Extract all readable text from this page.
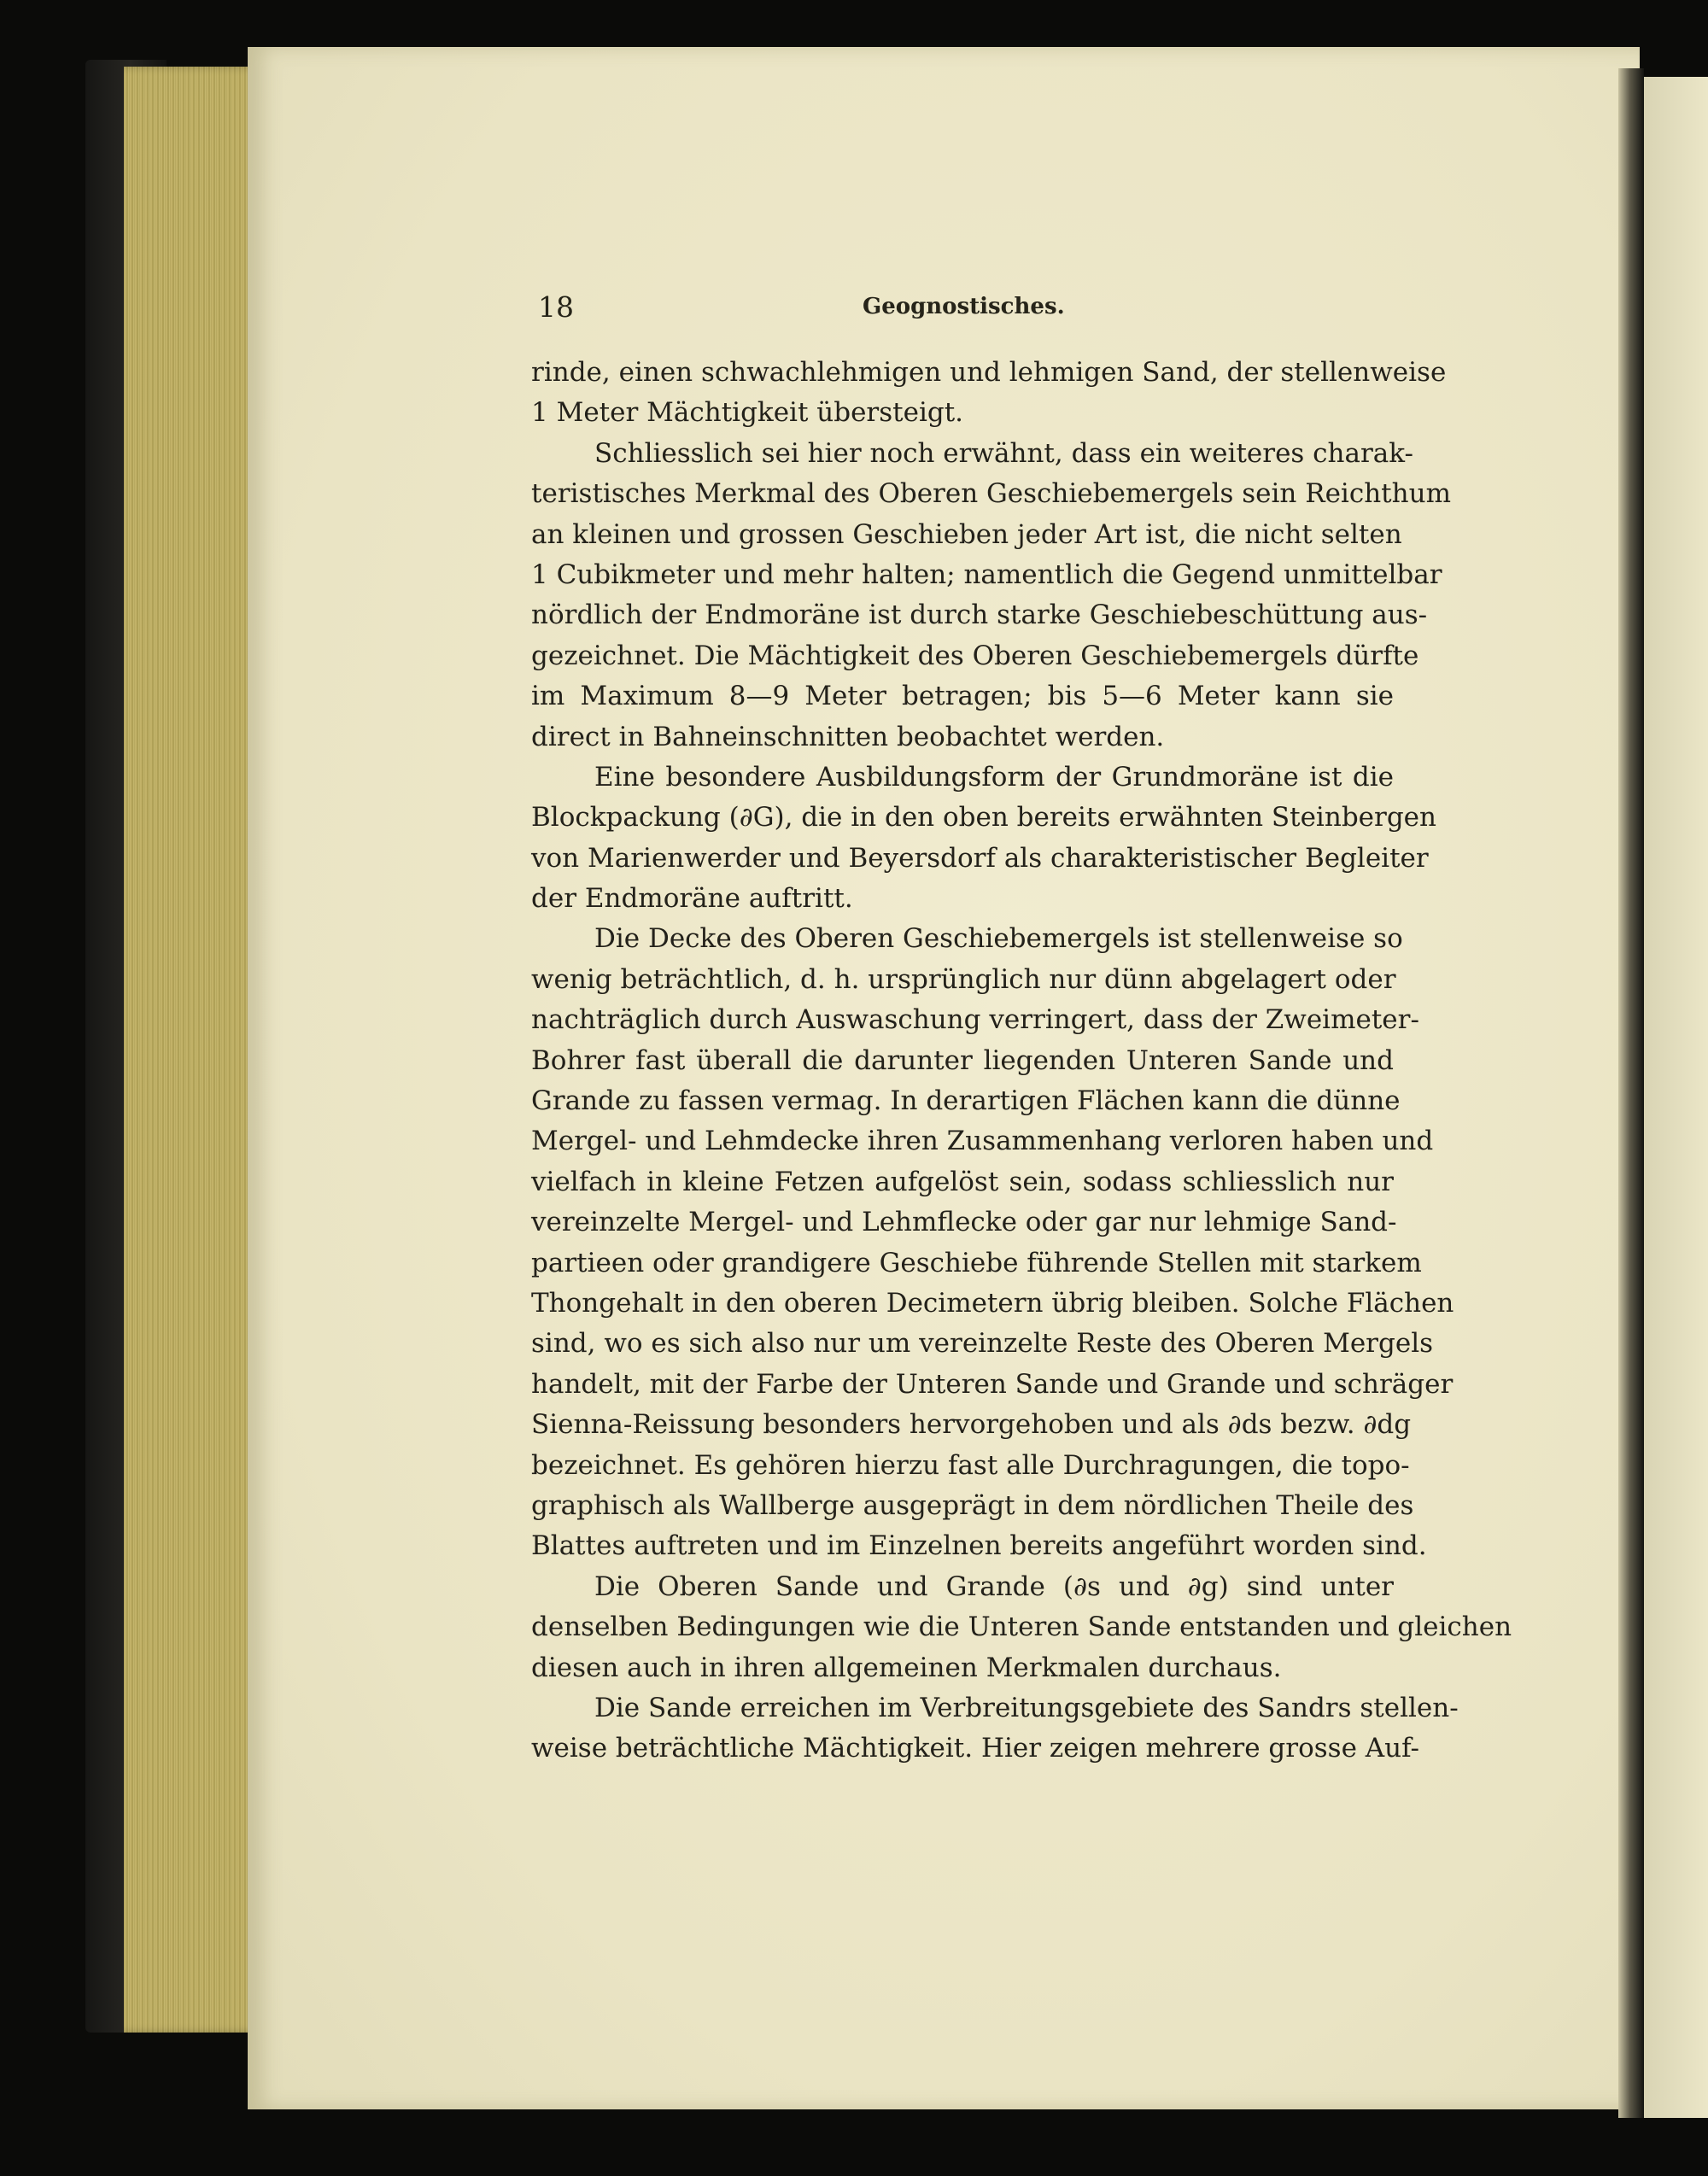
18	Geognostisches.
rinde, einen schwachlehmigen und lehmigen Sand, der stellenweise
1 Meter Mächtigkeit übersteigt.
Schliesslich sei hier noch erwähnt, dass ein weiteres charak-
teristisches Merkmal des Oberen Geschiebemergels sein Reichthum
an kleinen und grossen Geschieben jeder Art ist, die nicht selten
1 Cubikmeter und mehr halten; namentlich die Gegend unmittelbar
nördlich der Endmoräne ist durch starke Geschiebeschüttung aus-
gezeichnet. Die Mächtigkeit des Oberen Geschiebemergels dürfte
im Maximum 8—9 Meter betragen; bis 5—6 Meter kann sie
direct in Bahneinschnitten beobachtet werden.
Eine besondere Ausbildungsform der Grundmoräne ist die
Blockpackung (∂G), die in den oben bereits erwähnten Steinbergen
von Marienwerder und Beyersdorf als charakteristischer Begleiter
der Endmoräne auftritt.
Die Decke des Oberen Geschiebemergels ist stellenweise so
wenig beträchtlich, d. h. ursprünglich nur dünn abgelagert oder
nachträglich durch Auswaschung verringert, dass der Zweimeter-
Bohrer fast überall die darunter liegenden Unteren Sande und
Grande zu fassen vermag. In derartigen Flächen kann die dünne
Mergel- und Lehmdecke ihren Zusammenhang verloren haben und
vielfach in kleine Fetzen aufgelöst sein, sodass schliesslich nur
vereinzelte Mergel- und Lehmflecke oder gar nur lehmige Sand-
partieen oder grandigere Geschiebe führende Stellen mit starkem
Thongehalt in den oberen Decimetern übrig bleiben. Solche Flächen
sind, wo es sich also nur um vereinzelte Reste des Oberen Mergels
handelt, mit der Farbe der Unteren Sande und Grande und schräger
Sienna-Reissung besonders hervorgehoben und als ∂ds bezw. ∂dg
bezeichnet. Es gehören hierzu fast alle Durchragungen, die topo-
graphisch als Wallberge ausgeprägt in dem nördlichen Theile des
Blattes auftreten und im Einzelnen bereits angeführt worden sind.
Die Oberen Sande und Grande (∂s und ∂g) sind unter
denselben Bedingungen wie die Unteren Sande entstanden und gleichen
diesen auch in ihren allgemeinen Merkmalen durchaus.
Die Sande erreichen im Verbreitungsgebiete des Sandrs stellen-
weise beträchtliche Mächtigkeit. Hier zeigen mehrere grosse Auf-
